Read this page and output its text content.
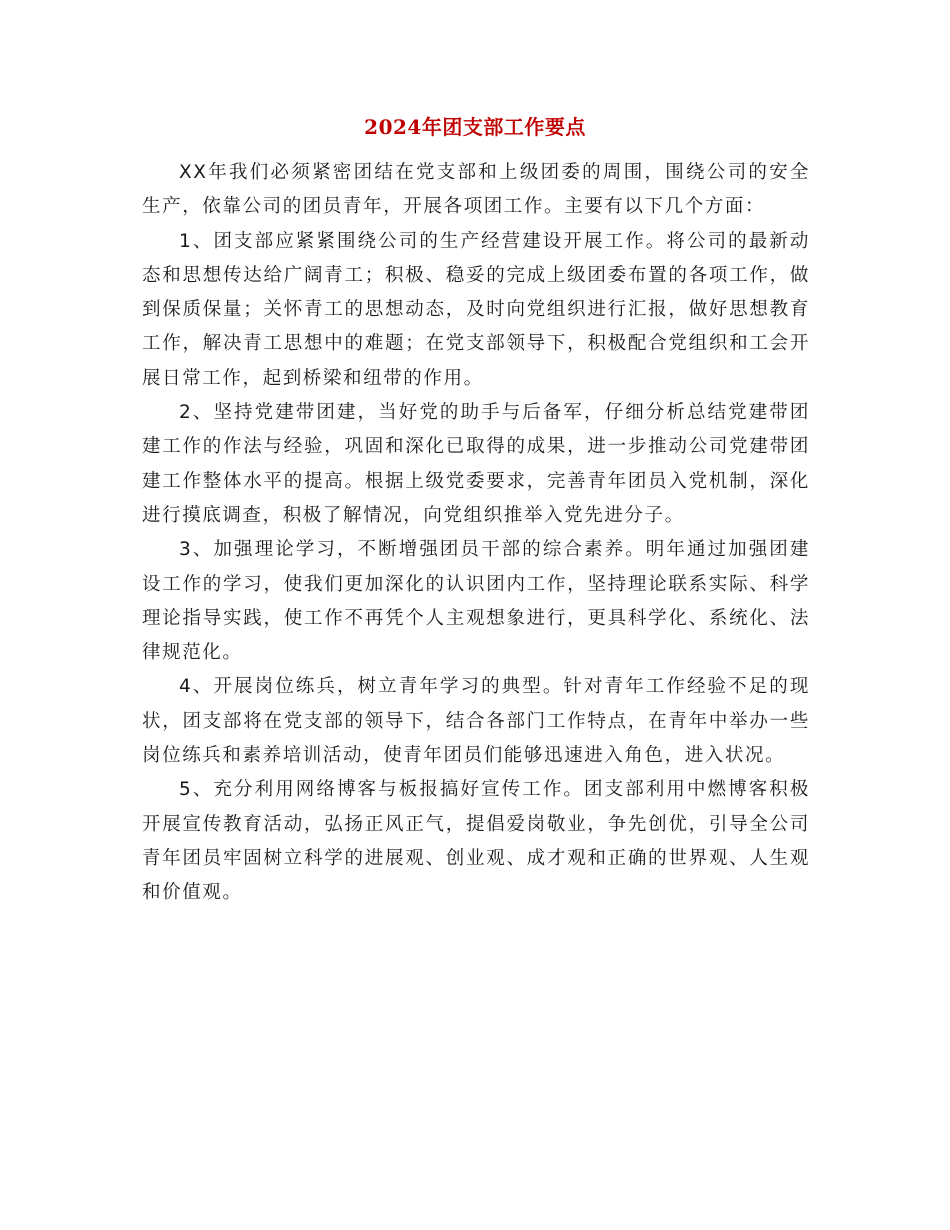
2024年团支部工作要点

XX年我们必须紧密团结在党支部和上级团委的周围，围绕公司的安全生产，依靠公司的团员青年，开展各项团工作。主要有以下几个方面：

1、团支部应紧紧围绕公司的生产经营建设开展工作。将公司的最新动态和思想传达给广阔青工；积极、稳妥的完成上级团委布置的各项工作，做到保质保量；关怀青工的思想动态，及时向党组织进行汇报，做好思想教育工作，解决青工思想中的难题；在党支部领导下，积极配合党组织和工会开展日常工作，起到桥梁和纽带的作用。

2、坚持党建带团建，当好党的助手与后备军，仔细分析总结党建带团建工作的作法与经验，巩固和深化已取得的成果，进一步推动公司党建带团建工作整体水平的提高。根据上级党委要求，完善青年团员入党机制，深化进行摸底调查，积极了解情况，向党组织推举入党先进分子。

3、加强理论学习，不断增强团员干部的综合素养。明年通过加强团建设工作的学习，使我们更加深化的认识团内工作，坚持理论联系实际、科学理论指导实践，使工作不再凭个人主观想象进行，更具科学化、系统化、法律规范化。

4、开展岗位练兵，树立青年学习的典型。针对青年工作经验不足的现状，团支部将在党支部的领导下，结合各部门工作特点，在青年中举办一些岗位练兵和素养培训活动，使青年团员们能够迅速进入角色，进入状况。

5、充分利用网络博客与板报搞好宣传工作。团支部利用中燃博客积极开展宣传教育活动，弘扬正风正气，提倡爱岗敬业，争先创优，引导全公司青年团员牢固树立科学的进展观、创业观、成才观和正确的世界观、人生观和价值观。
